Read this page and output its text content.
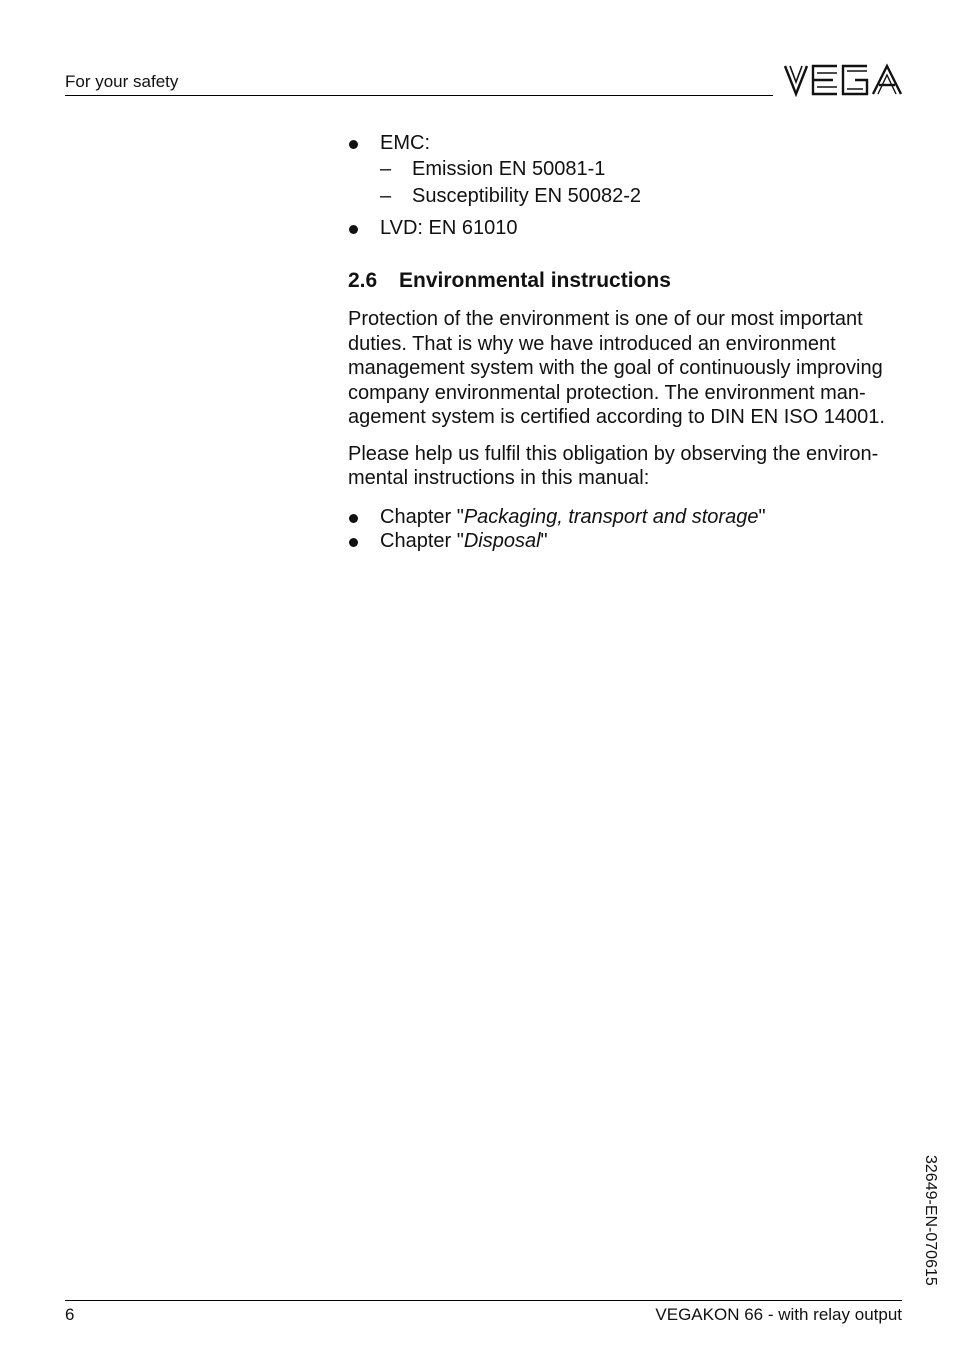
For your safety
EMC:
– Emission EN 50081-1
– Susceptibility EN 50082-2
LVD: EN 61010
2.6 Environmental instructions

Protection of the environment is one of our most important duties. That is why we have introduced an environment management system with the goal of continuously improving company environmental protection. The environment man-agement system is certified according to DIN EN ISO 14001.

Please help us fulfil this obligation by observing the environ-mental instructions in this manual:

Chapter "Packaging, transport and storage"
Chapter "Disposal"
32649-EN-070615
6	VEGAKON 66 - with relay output
